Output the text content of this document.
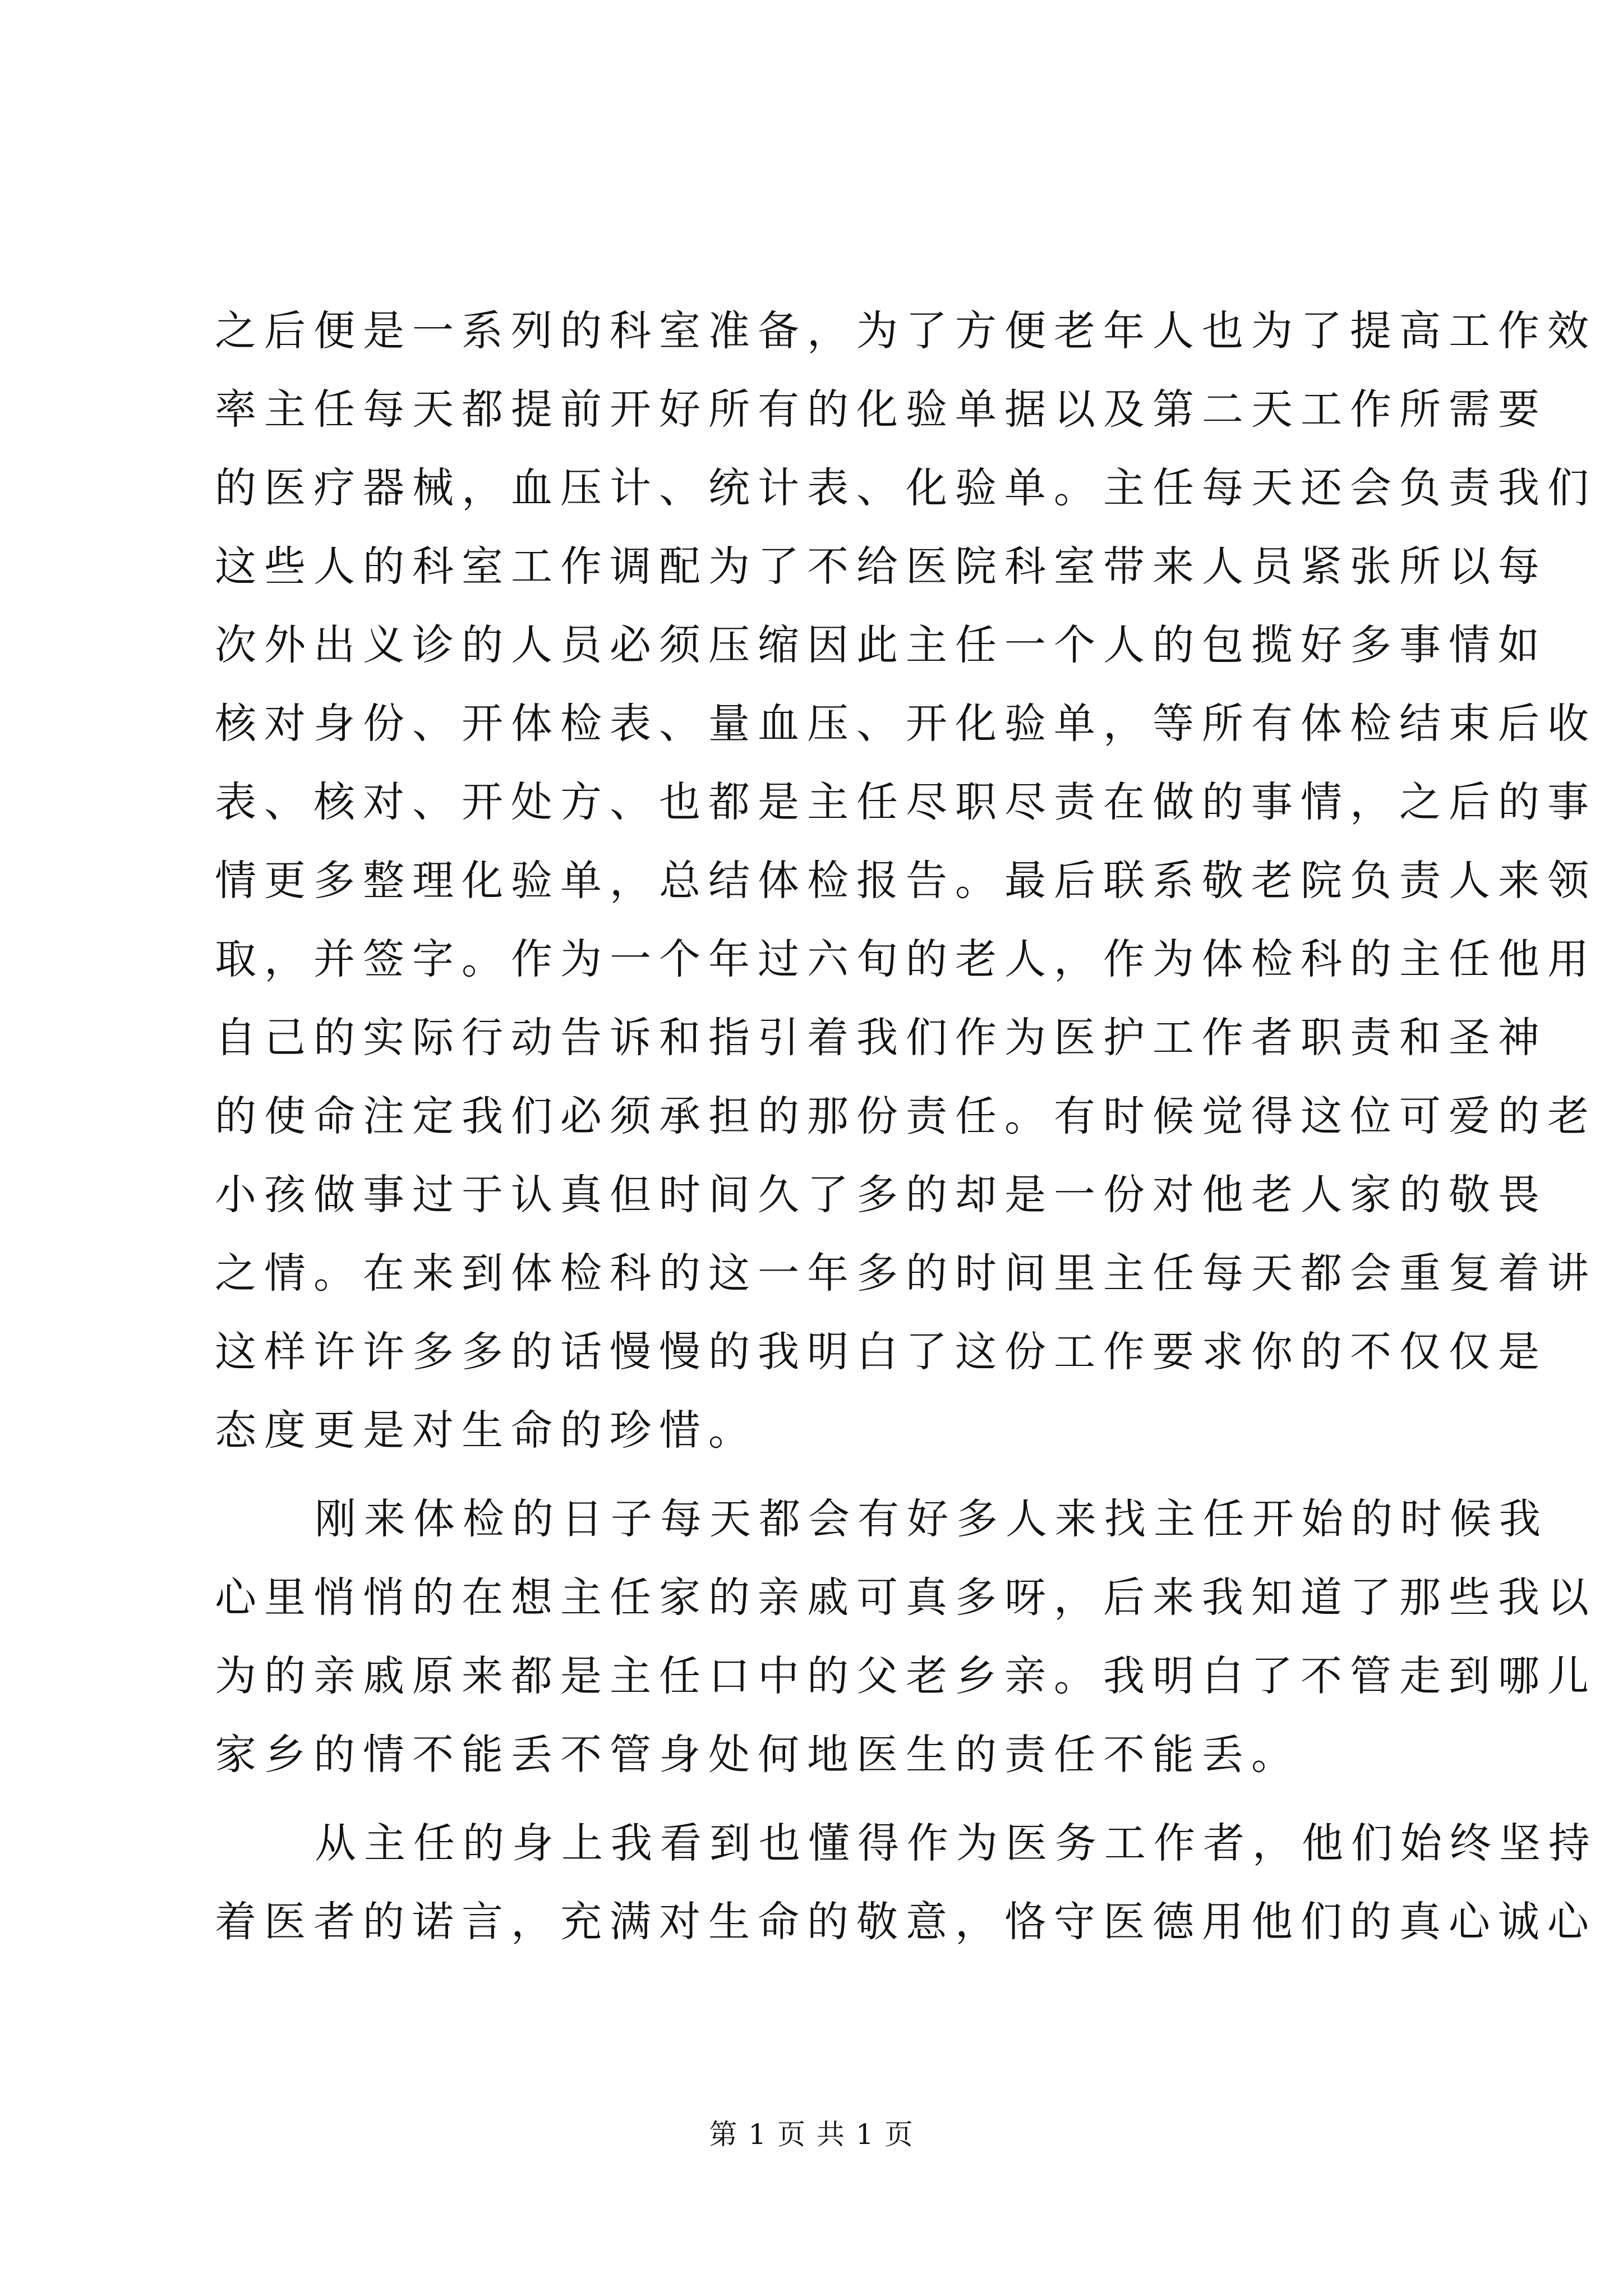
之后便是一系列的科室准备，为了方便老年人也为了提高工作效
率主任每天都提前开好所有的化验单据以及第二天工作所需要
的医疗器械，血压计、统计表、化验单。主任每天还会负责我们
这些人的科室工作调配为了不给医院科室带来人员紧张所以每
次外出义诊的人员必须压缩因此主任一个人的包揽好多事情如
核对身份、开体检表、量血压、开化验单，等所有体检结束后收
表、核对、开处方、也都是主任尽职尽责在做的事情，之后的事
情更多整理化验单，总结体检报告。最后联系敬老院负责人来领
取，并签字。作为一个年过六旬的老人，作为体检科的主任他用
自己的实际行动告诉和指引着我们作为医护工作者职责和圣神
的使命注定我们必须承担的那份责任。有时候觉得这位可爱的老
小孩做事过于认真但时间久了多的却是一份对他老人家的敬畏
之情。在来到体检科的这一年多的时间里主任每天都会重复着讲
这样许许多多的话慢慢的我明白了这份工作要求你的不仅仅是
态度更是对生命的珍惜。
刚来体检的日子每天都会有好多人来找主任开始的时候我
心里悄悄的在想主任家的亲戚可真多呀，后来我知道了那些我以
为的亲戚原来都是主任口中的父老乡亲。我明白了不管走到哪儿
家乡的情不能丢不管身处何地医生的责任不能丢。
从主任的身上我看到也懂得作为医务工作者，他们始终坚持
着医者的诺言，充满对生命的敬意，恪守医德用他们的真心诚心
第 1 页 共 1 页
